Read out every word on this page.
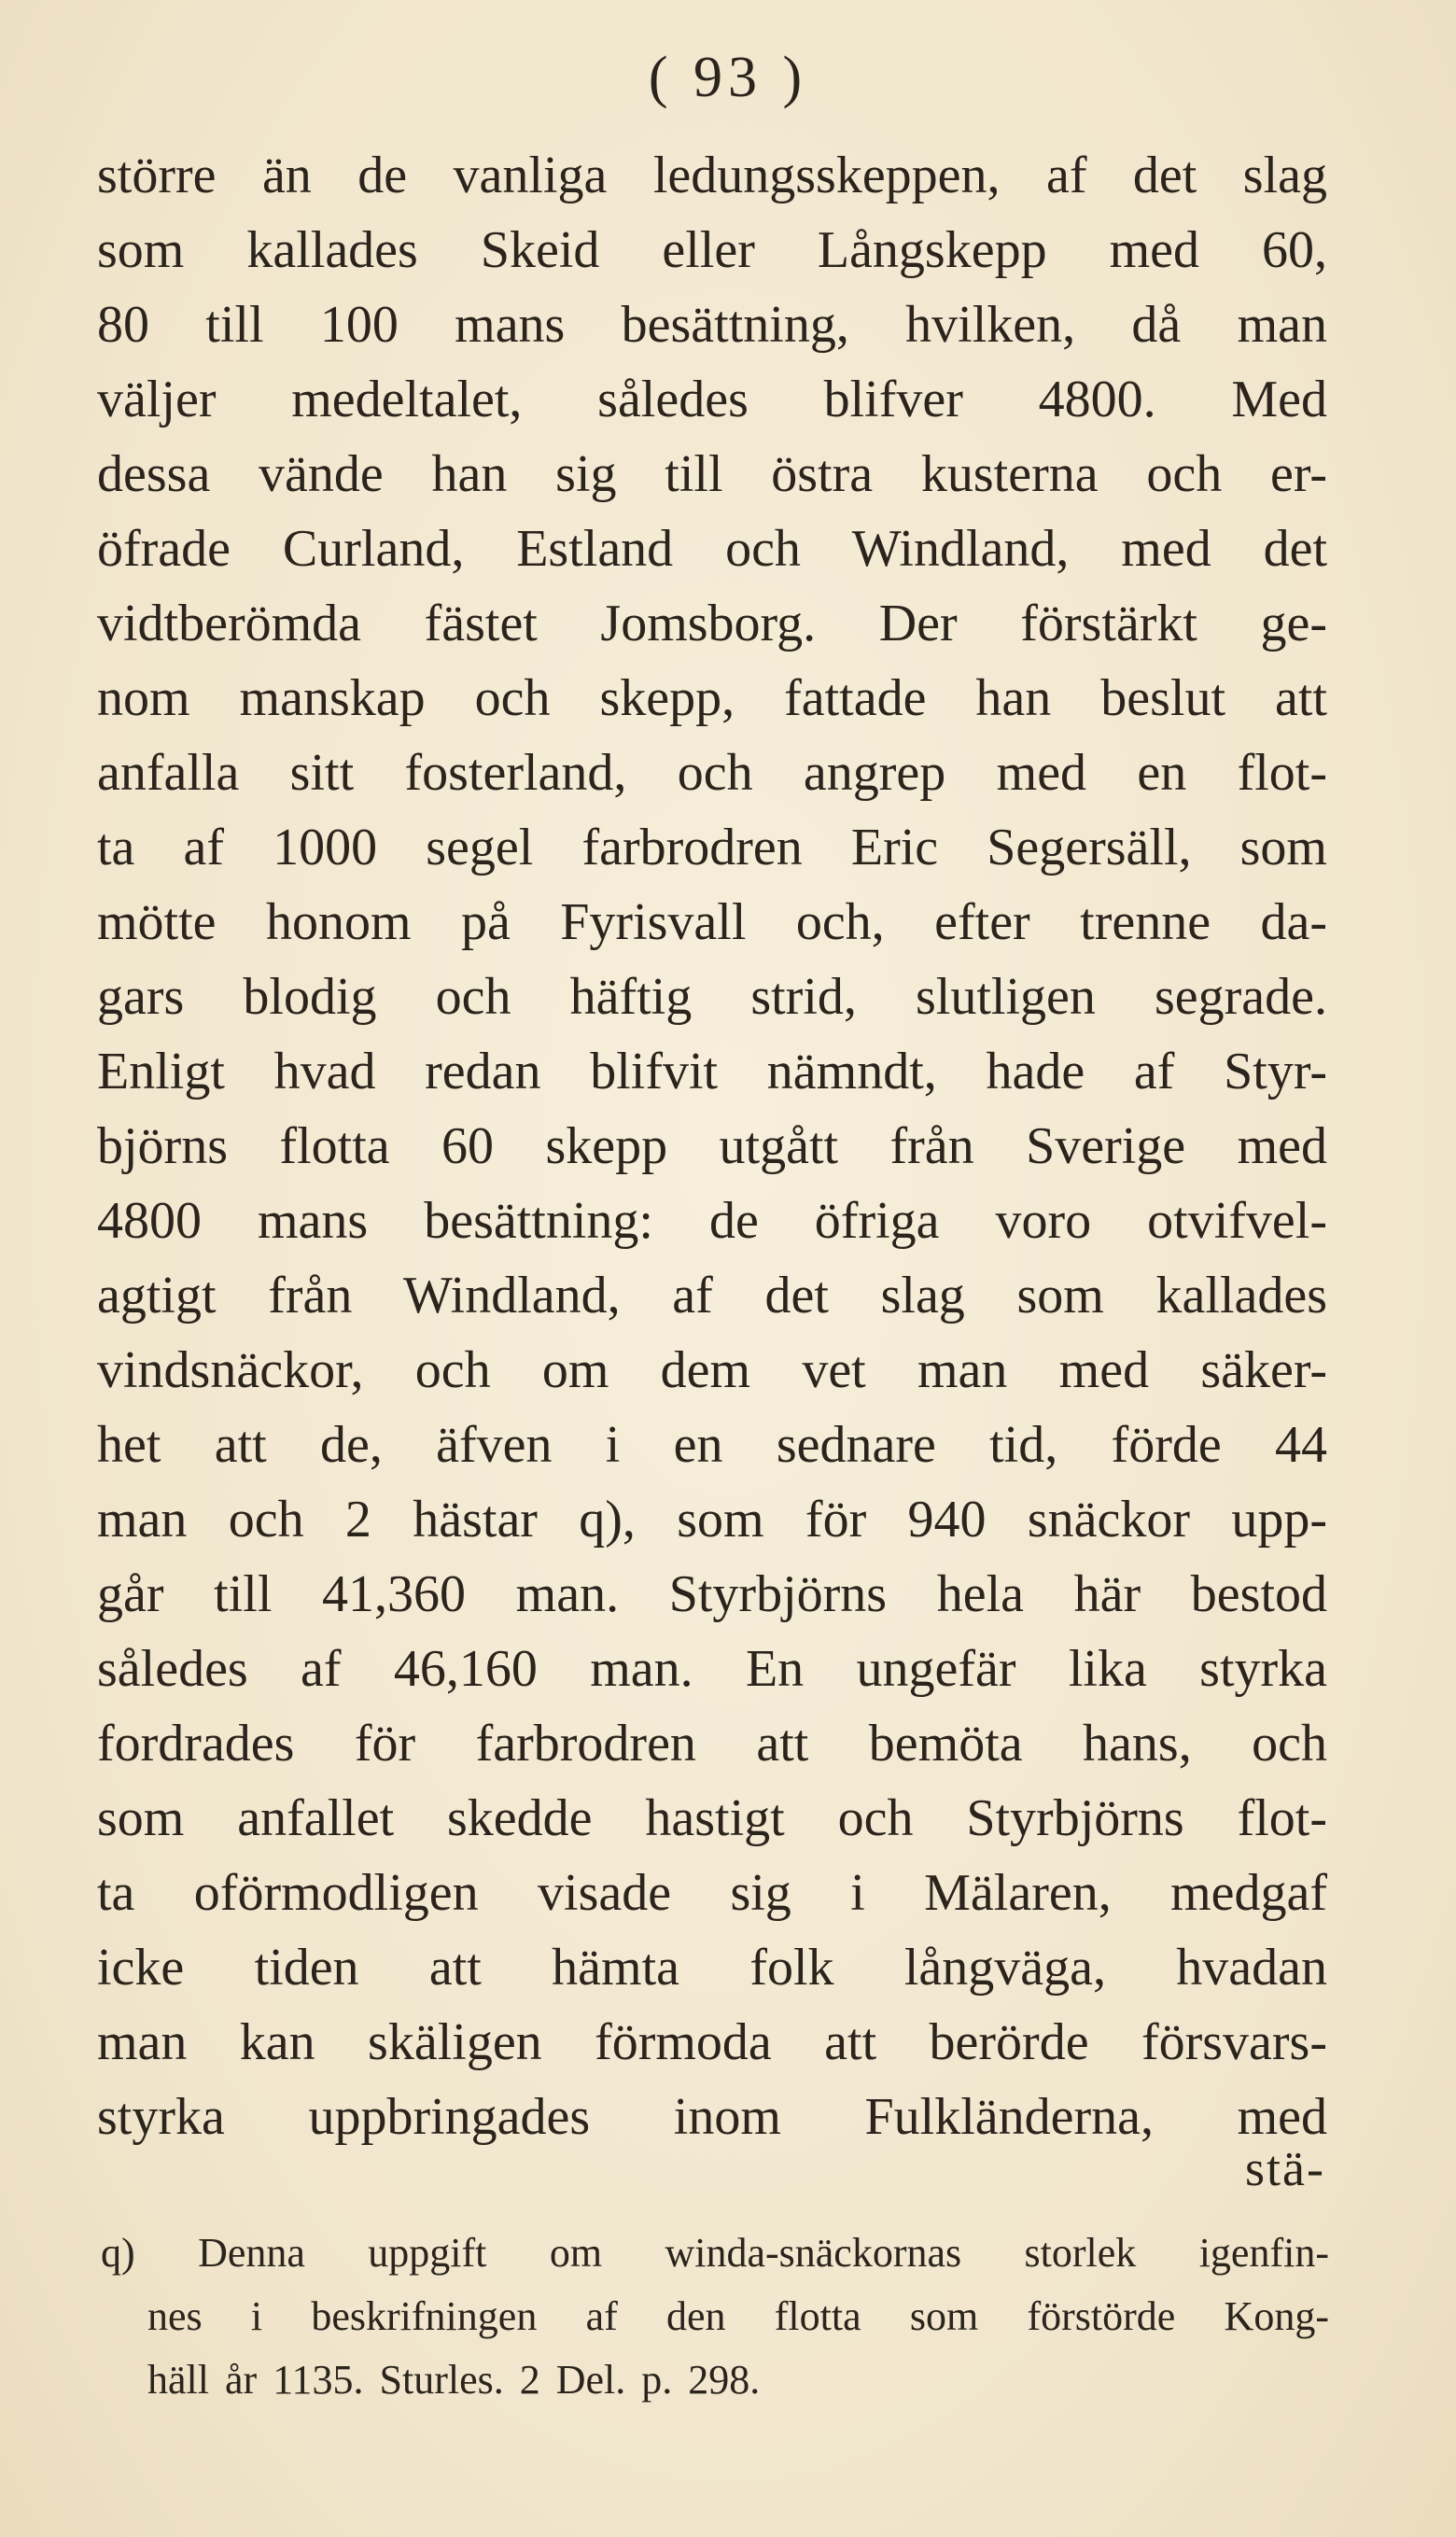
( 93 )
större än de vanliga ledungsskeppen, af det slag
som kallades Skeid eller Långskepp med 60,
80 till 100 mans besättning, hvilken, då man
väljer medeltalet, således blifver 4800. Med
dessa vände han sig till östra kusterna och er-
öfrade Curland, Estland och Windland, med det
vidtberömda fästet Jomsborg. Der förstärkt ge-
nom manskap och skepp, fattade han beslut att
anfalla sitt fosterland, och angrep med en flot-
ta af 1000 segel farbrodren Eric Segersäll, som
mötte honom på Fyrisvall och, efter trenne da-
gars blodig och häftig strid, slutligen segrade.
Enligt hvad redan blifvit nämndt, hade af Styr-
björns flotta 60 skepp utgått från Sverige med
4800 mans besättning: de öfriga voro otvifvel-
agtigt från Windland, af det slag som kallades
vindsnäckor, och om dem vet man med säker-
het att de, äfven i en sednare tid, förde 44
man och 2 hästar q), som för 940 snäckor upp-
går till 41,360 man. Styrbjörns hela här bestod
således af 46,160 man. En ungefär lika styrka
fordrades för farbrodren att bemöta hans, och
som anfallet skedde hastigt och Styrbjörns flot-
ta oförmodligen visade sig i Mälaren, medgaf
icke tiden att hämta folk långväga, hvadan
man kan skäligen förmoda att berörde försvars-
styrka uppbringades inom Fulkländerna, med
stä-
q) Denna uppgift om winda-snäckornas storlek igenfin-
nes i beskrifningen af den flotta som förstörde Kong-
häll år 1135. Sturles. 2 Del. p. 298.
